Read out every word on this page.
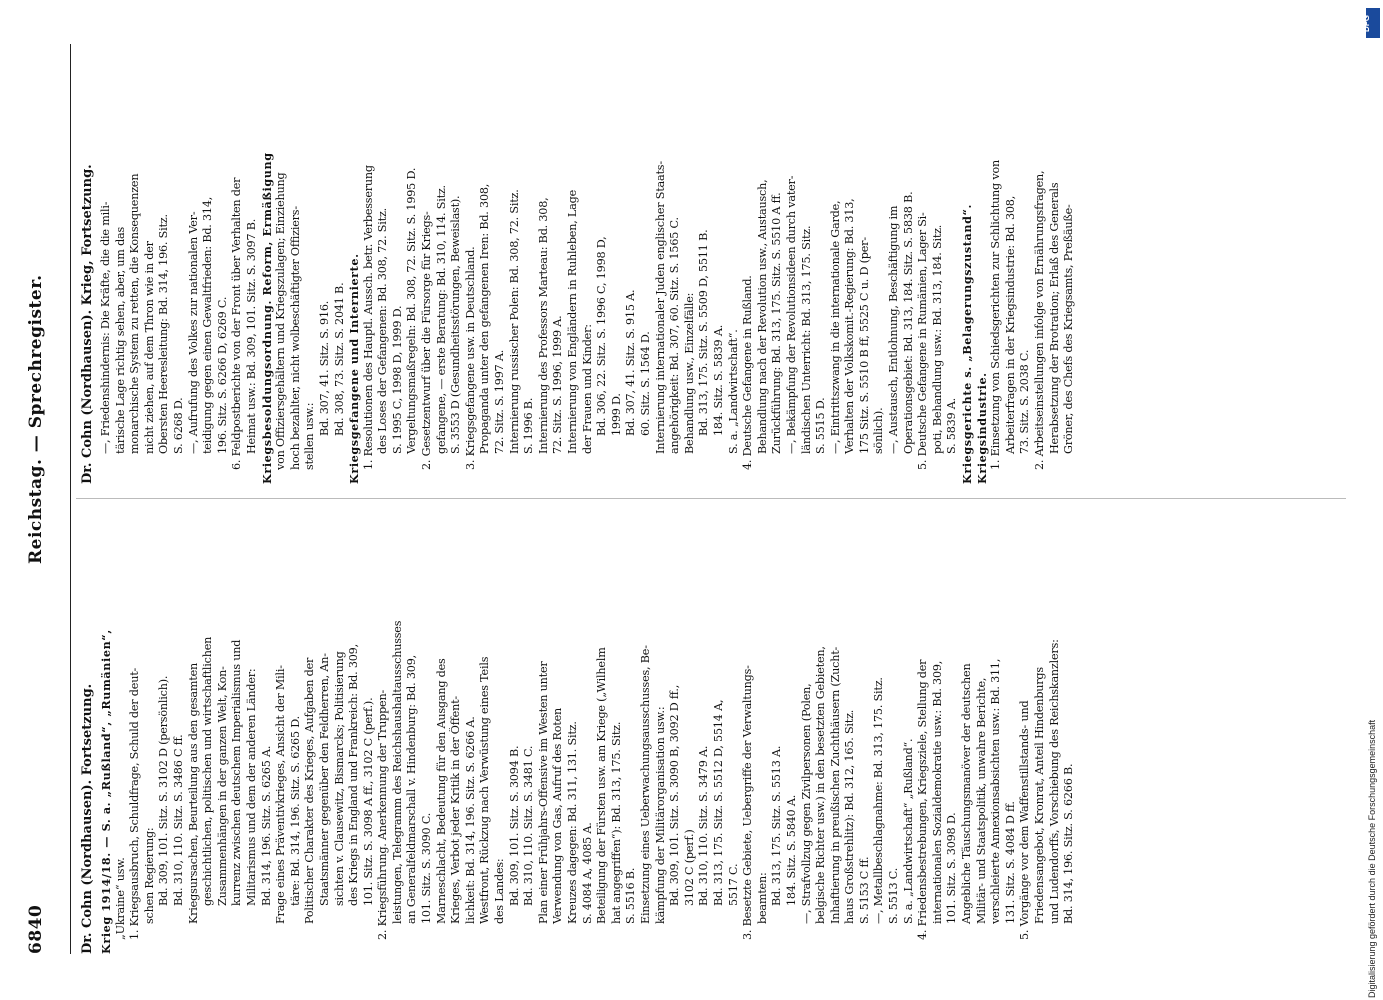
6840
Reichstag. — Sprechregister.
Dr. Cohn (Nordhausen). Fortsetzung. Krieg 1914/18. — S. a. „Rußland“, „Rumänien“, „Ukraine“ usw. 1. Kriegsausbruch, Schuldfrage, Schuld der deut- schen Regierung: Bd. 309, 101. Sitz. S. 3102 D (persönlich). Bd. 310, 110. Sitz. S. 3486 C ff. Kriegsursachen, Beurteilung aus den gesamten geschichtlichen, politischen und wirtschaftlichen Zusammenhängen in der ganzen Welt, Kon- kurrenz zwischen deutschem Imperialismus und Militarismus und dem der anderen Länder: Bd. 314, 196. Sitz. S. 6265 A. Frage eines Präventivkrieges, Ansicht der Mili- täre: Bd. 314, 196. Sitz. S. 6265 D. Politischer Charakter des Krieges, Aufgaben der Staatsmänner gegenüber den Feldherren, An- sichten v. Clausewitz, Bismarcks; Politisierung des Kriegs in England und Frankreich: Bd. 309, 101. Sitz. S. 3098 A ff., 3102 C (perf.). 2. Kriegsführung. Anerkennung der Truppen- leistungen, Telegramm des Reichshaushaltausschusses an Generalfeldmarschall v. Hindenburg: Bd. 309, 101. Sitz. S. 3090 C. Marneschlacht, Bedeutung für den Ausgang des Krieges, Verbot jeder Kritik in der Öffent- lichkeit: Bd. 314, 196. Sitz. S. 6266 A. Westfront, Rückzug nach Verwüstung eines Teils des Landes: Bd. 309, 101. Sitz. S. 3094 B. Bd. 310, 110. Sitz. S. 3481 C. Plan einer Frühjahrs-Offensive im Westen unter Verwendung von Gas, Aufruf des Roten Kreuzes dagegen: Bd. 311, 131. Sitz. S. 4084 A, 4085 A. Beteiligung der Fürsten usw. am Kriege („Wilhelm hat angegriffen“): Bd. 313, 175. Sitz. S. 5516 B. Einsetzung eines Ueberwachungsausschusses, Be- kämpfung der Militärorganisation usw.: Bd. 309, 101. Sitz. S. 3090 B, 3092 D ff., 3102 C (perf.) Bd. 310, 110. Sitz. S. 3479 A. Bd. 313, 175. Sitz. S. 5512 D, 5514 A, 5517 C. 3. Besetzte Gebiete, Uebergriffe der Verwaltungs- beamten: Bd. 313, 175. Sitz. S. 5513 A. 184. Sitz. S. 5840 A. —, Strafvollzug gegen Zivilpersonen (Polen, belgische Richter usw.) in den besetzten Gebieten, Inhaftierung in preußischen Zuchthäusern (Zucht- haus Großstrehlitz): Bd. 312, 165. Sitz. S. 5153 C ff. —, Metallbeschlagnahme: Bd. 313, 175. Sitz. S. 5513 C. S. a. „Landwirtschaft“ „Rußland“. 4. Friedensbestrebungen, Kriegsziele, Stellung der internationalen Sozialdemokratie usw.: Bd. 309, 101. Sitz. S. 3098 D. Angebliche Täuschungsmanöver der deutschen Militär- und Staatspolitik, unwahre Berichte, verschleierte Annexionsabsichten usw.: Bd. 311, 131. Sitz. S. 4084 D ff. 5. Vorgänge vor dem Waffenstillstands- und Friedensangebot, Kronrat, Anteil Hindenburgs und Ludendorffs, Vorschiebung des Reichskanzlers: Bd. 314, 196. Sitz. S. 6266 B.
Dr. Cohn (Nordhausen). Krieg, Fortsetzung. —, Friedenshindernis: Die Kräfte, die die mili- tärische Lage richtig sehen, aber, um das monarchische System zu retten, die Konsequenzen nicht ziehen, auf dem Thron wie in der Obersten Heeresleitung: Bd. 314, 196. Sitz. S. 6268 D. —, Aufrufung des Volkes zur nationalen Ver- teidigung gegen einen Gewaltfrieden: Bd. 314, 196. Sitz. S. 6266 D, 6269 C. 6. Feldpostberichte von der Front über Verhalten der Heimat usw.: Bd. 309, 101. Sitz. S. 3097 B. Kriegsbesoldungsordnung. Reform, Ermäßigung von Offiziersgehältern und Kriegszulagen; Einziehung hoch bezahlter, nicht wolbeschäftigter Offiziers- stellen usw.:
Bd. 307, 41. Sitz. S. 916. Bd. 308, 73. Sitz. S. 2041 B. Kriegsgefangene und Internierte. 1. Resolutionen des Hauptl. Aussch. betr. Verbesserung des Loses der Gefangenen: Bd. 308, 72. Sitz. S. 1995 C, 1998 D, 1999 D. Vergeltungsmaßregeln: Bd. 308, 72. Sitz. S. 1995 D. 2. Gesetzentwurf über die Fürsorge für Kriegs- gefangene, — erste Beratung: Bd. 310, 114. Sitz. S. 3553 D (Gesundheitsstörungen, Beweislast). 3. Kriegsgefangene usw. in Deutschland. Propaganda unter den gefangenen Iren: Bd. 308, 72. Sitz. S. 1997 A. Internierung russischer Polen: Bd. 308, 72. Sitz. S. 1996 B. Internierung des Professors Marteau: Bd. 308, 72. Sitz. S. 1996, 1999 A. Internierung von Engländern in Ruhleben, Lage der Frauen und Kinder: Bd. 306, 22. Sitz. S. 1996 C, 1998 D, 1999 D. Bd. 307, 41. Sitz. S. 915 A. 60. Sitz. S. 1564 D. Internierung internationaler Juden englischer Staats- angehörigkeit: Bd. 307, 60. Sitz. S. 1565 C. Behandlung usw., Einzelfälle: Bd. 313, 175. Sitz. S. 5509 D, 5511 B. 184. Sitz. S. 5839 A. S. a. „Landwirtschaft“. 4. Deutsche Gefangene in Rußland. Behandlung nach der Revolution usw., Austausch, Zurückführung: Bd. 313, 175. Sitz. S. 5510 A ff. —, Bekämpfung der Revolutionsideen durch vater- ländischen Unterricht: Bd. 313, 175. Sitz. S. 5515 D. —, Eintrittszwang in die internationale Garde, Verhalten der Volkskomit.-Regierung: Bd. 313, 175 Sitz. S. 5510 B ff, 5525 C u. D (per- sönlich). —, Austausch, Entlohnung, Beschäftigung im Operationsgebiet: Bd. 313, 184. Sitz. S. 5838 B. 5. Deutsche Gefangene in Rumänien, Lager Si- poti, Behandlung usw.: Bd. 313, 184. Sitz. S. 5839 A. Kriegsgerichte s. „Belagerungszustand“. Kriegsindustrie. 1. Einsetzung von Schiedsgerichten zur Schlichtung von Arbeiterfragen in der Kriegsindustrie: Bd. 308, 73. Sitz. S. 2038 C. 2. Arbeitseinstellungen infolge von Ernährungsfragen, Herabsetzung der Brotration; Erlaß des Generals Gröner, des Chefs des Kriegsamts, Preßäuße-
Digitalisierung gefördert durch die Deutsche Forschungsgemeinschaft
DFG
